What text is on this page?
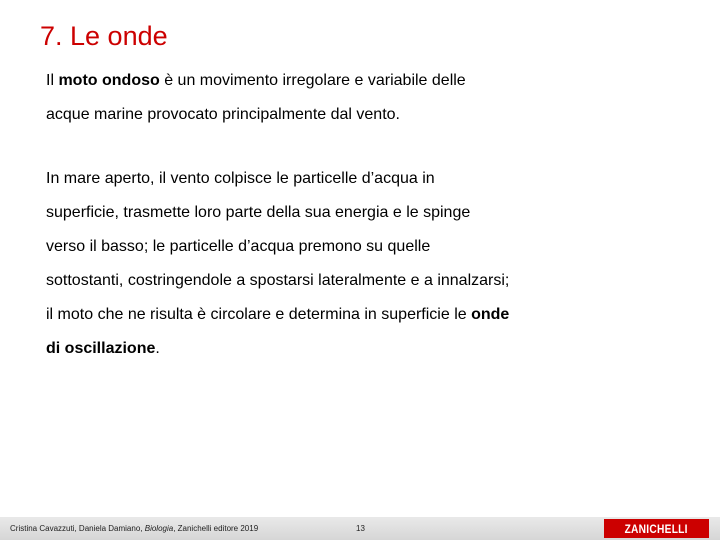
7. Le onde

Il moto ondoso è un movimento irregolare e variabile delle
acque marine provocato principalmente dal vento.

In mare aperto, il vento colpisce le particelle d’acqua in
superficie, trasmette loro parte della sua energia e le spinge
verso il basso; le particelle d’acqua premono su quelle
sottostanti, costringendole a spostarsi lateralmente e a innalzarsi;
il moto che ne risulta è circolare e determina in superficie le onde
di oscillazione.

Cristina Cavazzuti, Daniela Damiano, Biologia, Zanichelli editore 2019	13	ZANICHELLI
